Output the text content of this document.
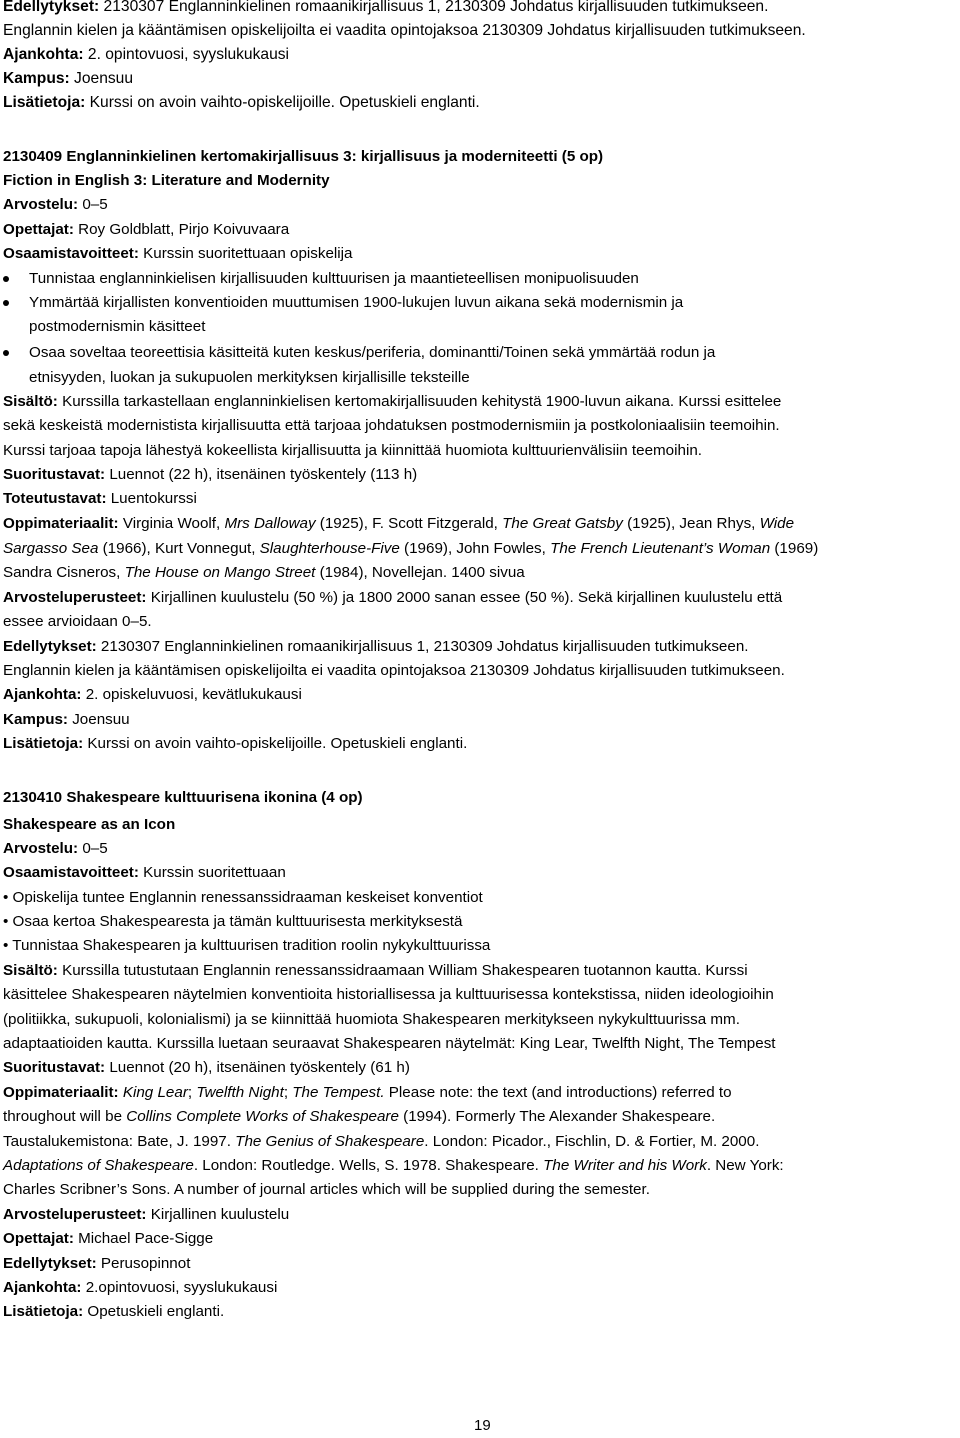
Edellytykset: 2130307 Englanninkielinen romaanikirjallisuus 1, 2130309 Johdatus kirjallisuuden tutkimukseen.
Englannin kielen ja kääntämisen opiskelijoilta ei vaadita opintojaksoa 2130309 Johdatus kirjallisuuden tutkimukseen.
Ajankohta: 2. opintovuosi, syyslukukausi
Kampus: Joensuu
Lisätietoja: Kurssi on avoin vaihto-opiskelijoille. Opetuskieli englanti.
2130409 Englanninkielinen kertomakirjallisuus 3: kirjallisuus ja moderniteetti (5 op)
Fiction in English 3: Literature and Modernity
Arvostelu: 0–5
Opettajat: Roy Goldblatt, Pirjo Koivuvaara
Osaamistavoitteet: Kurssin suoritettuaan opiskelija
Tunnistaa englanninkielisen kirjallisuuden kulttuurisen ja maantieteellisen monipuolisuuden
Ymmärtää kirjallisten konventioiden muuttumisen 1900-lukujen luvun aikana sekä modernismin ja
postmodernismin käsitteet
Osaa soveltaa teoreettisia käsitteitä kuten keskus/periferia, dominantti/Toinen sekä ymmärtää rodun ja
etnisyyden, luokan ja sukupuolen merkityksen kirjallisille teksteille
Sisältö: Kurssilla tarkastellaan englanninkielisen kertomakirjallisuuden kehitystä 1900-luvun aikana. Kurssi esittelee
sekä keskeistä modernistista kirjallisuutta että tarjoaa johdatuksen postmodernismiin ja postkoloniaalisiin teemoihin.
Kurssi tarjoaa tapoja lähestyä kokeellista kirjallisuutta ja kiinnittää huomiota kulttuurienvälisiin teemoihin.
Suoritustavat: Luennot (22 h), itsenäinen työskentely (113 h)
Toteutustavat: Luentokurssi
Oppimateriaalit: Virginia Woolf, Mrs Dalloway (1925), F. Scott Fitzgerald, The Great Gatsby (1925), Jean Rhys, Wide
Sargasso Sea (1966), Kurt Vonnegut, Slaughterhouse-Five (1969), John Fowles, The French Lieutenant’s Woman (1969)
Sandra Cisneros, The House on Mango Street (1984), Novellejan. 1400 sivua
Arvosteluperusteet: Kirjallinen kuulustelu (50 %) ja 1800 2000 sanan essee (50 %). Sekä kirjallinen kuulustelu että
essee arvioidaan 0–5.
Edellytykset: 2130307 Englanninkielinen romaanikirjallisuus 1, 2130309 Johdatus kirjallisuuden tutkimukseen.
Englannin kielen ja kääntämisen opiskelijoilta ei vaadita opintojaksoa 2130309 Johdatus kirjallisuuden tutkimukseen.
Ajankohta: 2. opiskeluvuosi, kevätlukukausi
Kampus: Joensuu
Lisätietoja: Kurssi on avoin vaihto-opiskelijoille. Opetuskieli englanti.
2130410 Shakespeare kulttuurisena ikonina (4 op)
Shakespeare as an Icon
Arvostelu: 0–5
Osaamistavoitteet: Kurssin suoritettuaan
• Opiskelija tuntee Englannin renessanssidraaman keskeiset konventiot
• Osaa kertoa Shakespearesta ja tämän kulttuurisesta merkityksestä
• Tunnistaa Shakespearen ja kulttuurisen tradition roolin nykykulttuurissa
Sisältö: Kurssilla tutustutaan Englannin renessanssidraamaan William Shakespearen tuotannon kautta. Kurssi
käsittelee Shakespearen näytelmien konventioita historiallisessa ja kulttuurisessa kontekstissa, niiden ideologioihin
(politiikka, sukupuoli, kolonialismi) ja se kiinnittää huomiota Shakespearen merkitykseen nykykulttuurissa mm.
adaptaatioiden kautta. Kurssilla luetaan seuraavat Shakespearen näytelmät: King Lear, Twelfth Night, The Tempest
Suoritustavat: Luennot (20 h), itsenäinen työskentely (61 h)
Oppimateriaalit: King Lear; Twelfth Night; The Tempest. Please note: the text (and introductions) referred to
throughout will be Collins Complete Works of Shakespeare (1994). Formerly The Alexander Shakespeare.
Taustalukemistona: Bate, J. 1997. The Genius of Shakespeare. London: Picador., Fischlin, D. & Fortier, M. 2000.
Adaptations of Shakespeare. London: Routledge. Wells, S. 1978. Shakespeare. The Writer and his Work. New York:
Charles Scribner’s Sons. A number of journal articles which will be supplied during the semester.
Arvosteluperusteet: Kirjallinen kuulustelu
Opettajat: Michael Pace-Sigge
Edellytykset: Perusopinnot
Ajankohta: 2.opintovuosi, syyslukukausi
Lisätietoja: Opetuskieli englanti.
19
